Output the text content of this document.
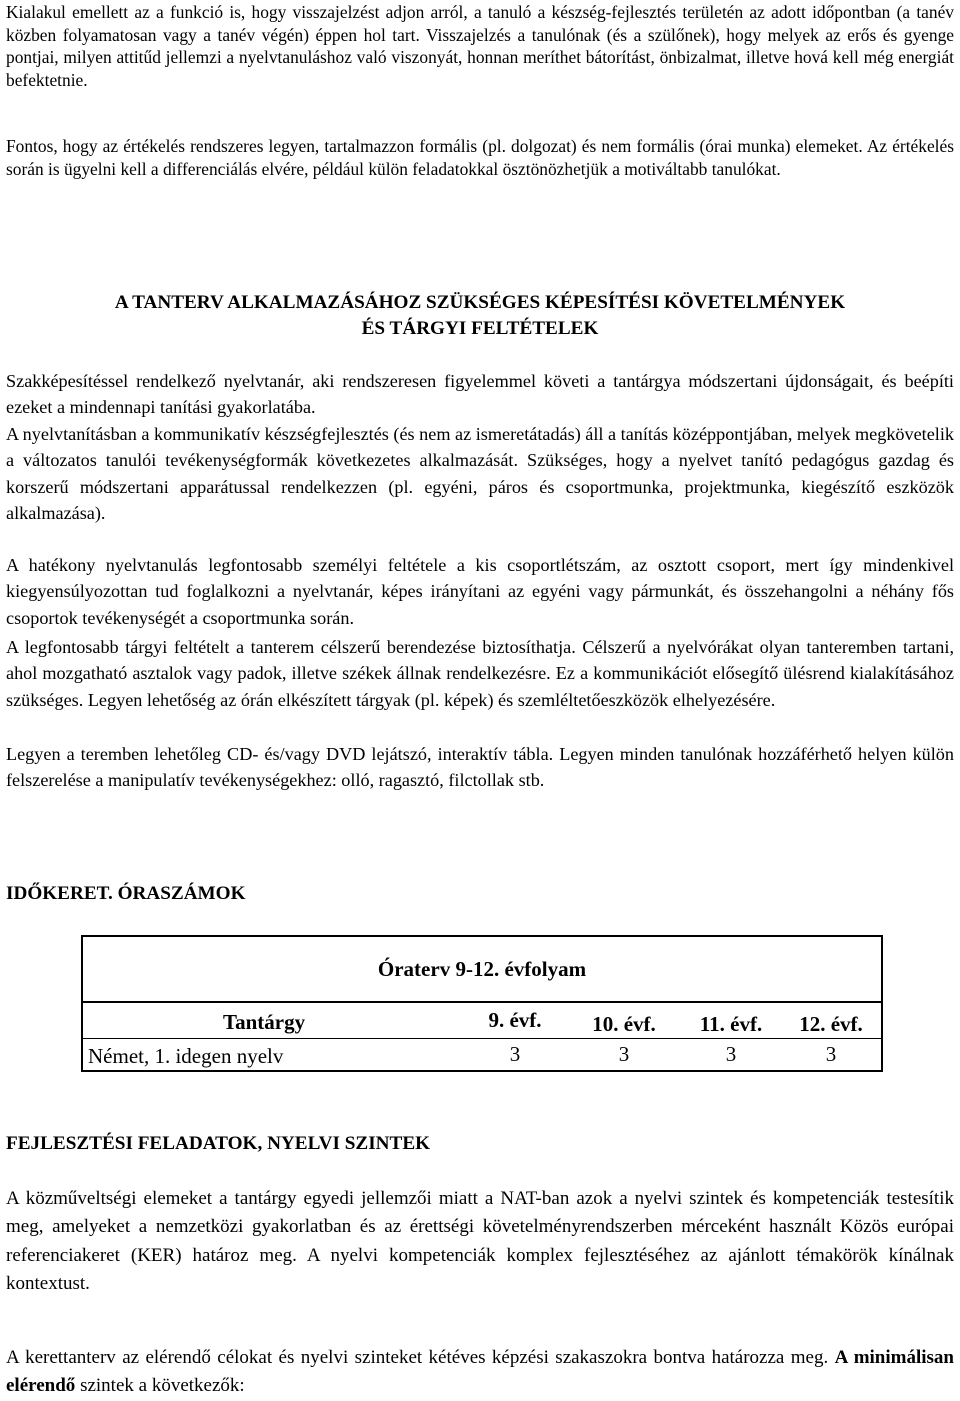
Kialakul emellett az a funkció is, hogy visszajelzést adjon arról, a tanuló a készség-fejlesztés területén az adott időpontban (a tanév közben folyamatosan vagy a tanév végén) éppen hol tart. Visszajelzés a tanulónak (és a szülőnek), hogy melyek az erős és gyenge pontjai, milyen attitűd jellemzi a nyelvtanuláshoz való viszonyát, honnan meríthet bátorítást, önbizalmat, illetve hová kell még energiát befektetnie.

Fontos, hogy az értékelés rendszeres legyen, tartalmazzon formális (pl. dolgozat) és nem formális (órai munka) elemeket. Az értékelés során is ügyelni kell a differenciálás elvére, például külön feladatokkal ösztönözhetjük a motiváltabb tanulókat.

A TANTERV ALKALMAZÁSÁHOZ SZÜKSÉGES KÉPESÍTÉSI KÖVETELMÉNYEK
ÉS TÁRGYI FELTÉTELEK

Szakképesítéssel rendelkező nyelvtanár, aki rendszeresen figyelemmel követi a tantárgya módszertani újdonságait, és beépíti ezeket a mindennapi tanítási gyakorlatába.

A nyelvtanításban a kommunikatív készségfejlesztés (és nem az ismeretátadás) áll a tanítás középpontjában, melyek megkövetelik a változatos tanulói tevékenységformák következetes alkalmazását. Szükséges, hogy a nyelvet tanító pedagógus gazdag és korszerű módszertani apparátussal rendelkezzen (pl. egyéni, páros és csoportmunka, projektmunka, kiegészítő eszközök alkalmazása).

A hatékony nyelvtanulás legfontosabb személyi feltétele a kis csoportlétszám, az osztott csoport, mert így mindenkivel kiegyensúlyozottan tud foglalkozni a nyelvtanár, képes irányítani az egyéni vagy pármunkát, és összehangolni a néhány fős csoportok tevékenységét a csoportmunka során.

A legfontosabb tárgyi feltételt a tanterem célszerű berendezése biztosíthatja. Célszerű a nyelvórákat olyan tanteremben tartani, ahol mozgatható asztalok vagy padok, illetve székek állnak rendelkezésre. Ez a kommunikációt elősegítő ülésrend kialakításához szükséges. Legyen lehetőség az órán elkészített tárgyak (pl. képek) és szemléltetőeszközök elhelyezésére.

Legyen a teremben lehetőleg CD- és/vagy DVD lejátszó, interaktív tábla. Legyen minden tanulónak hozzáférhető helyen külön felszerelése a manipulatív tevékenységekhez: olló, ragasztó, filctollak stb.

IDŐKERET. ÓRASZÁMOK
Óraterv 9-12. évfolyam
Tantárgy	9. évf.	10. évf.	11. évf.	12. évf.
Német, 1. idegen nyelv	3	3	3	3
FEJLESZTÉSI FELADATOK, NYELVI SZINTEK

A közműveltségi elemeket a tantárgy egyedi jellemzői miatt a NAT-ban azok a nyelvi szintek és kompetenciák testesítik meg, amelyeket a nemzetközi gyakorlatban és az érettségi követelményrendszerben mérceként használt Közös európai referenciakeret (KER) határoz meg. A nyelvi kompetenciák komplex fejlesztéséhez az ajánlott témakörök kínálnak kontextust.

A kerettanterv az elérendő célokat és nyelvi szinteket kétéves képzési szakaszokra bontva határozza meg. A minimálisan elérendő szintek a következők:
